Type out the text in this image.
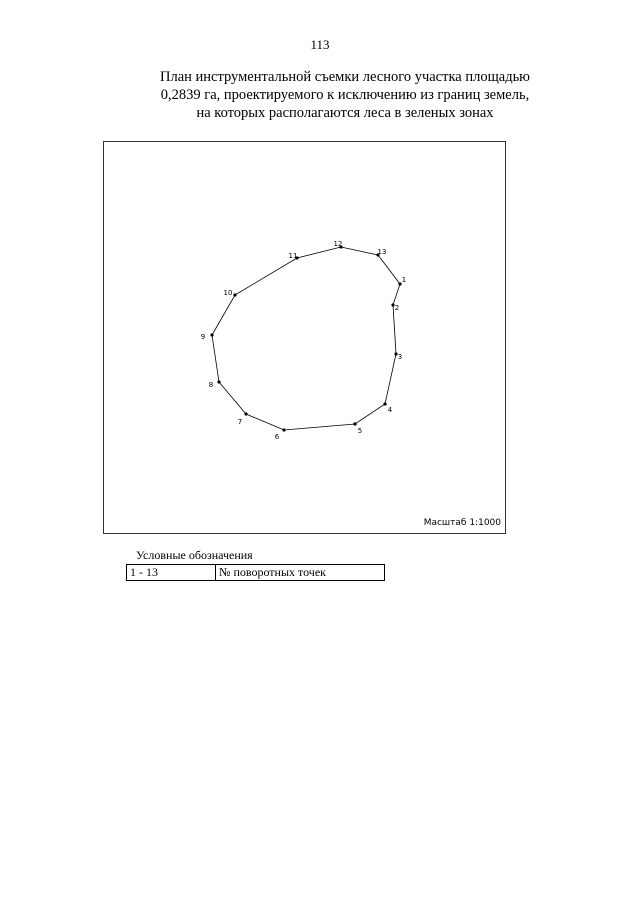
113
План инструментальной съемки лесного участка площадью
0,2839 га, проектируемого к исключению из границ земель,
на которых располагаются леса в зеленых зонах
1
2
3
4
5
6
7
8
9
10
11
12
13
Масштаб 1:1000
Условные обозначения
1 - 13	№ поворотных точек
